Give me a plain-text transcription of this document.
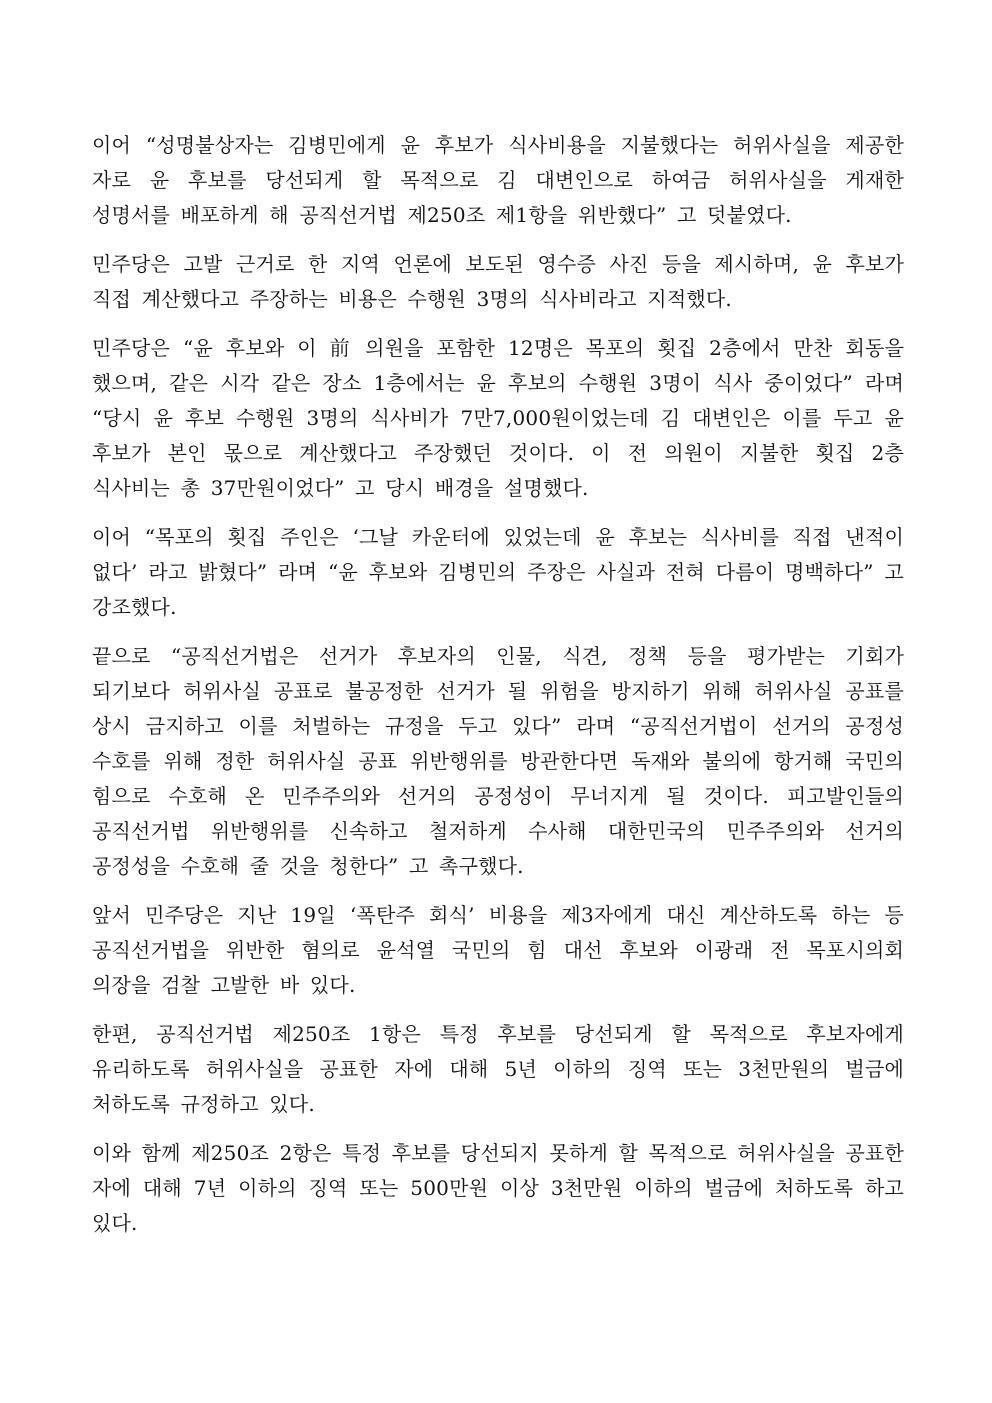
이어 “성명불상자는 김병민에게 윤 후보가 식사비용을 지불했다는 허위사실을 제공한 자로 윤 후보를 당선되게 할 목적으로 김 대변인으로 하여금 허위사실을 게재한 성명서를 배포하게 해 공직선거법 제250조 제1항을 위반했다” 고 덧붙였다.

민주당은 고발 근거로 한 지역 언론에 보도된 영수증 사진 등을 제시하며, 윤 후보가 직접 계산했다고 주장하는 비용은 수행원 3명의 식사비라고 지적했다.

민주당은 “윤 후보와 이 前 의원을 포함한 12명은 목포의 횟집 2층에서 만찬 회동을 했으며, 같은 시각 같은 장소 1층에서는 윤 후보의 수행원 3명이 식사 중이었다” 라며 “당시 윤 후보 수행원 3명의 식사비가 7만7,000원이었는데 김 대변인은 이를 두고 윤 후보가 본인 몫으로 계산했다고 주장했던 것이다. 이 전 의원이 지불한 횟집 2층 식사비는 총 37만원이었다” 고 당시 배경을 설명했다.

이어 “목포의 횟집 주인은 ‘그날 카운터에 있었는데 윤 후보는 식사비를 직접 낸적이 없다’ 라고 밝혔다” 라며 “윤 후보와 김병민의 주장은 사실과 전혀 다름이 명백하다” 고 강조했다.

끝으로 “공직선거법은 선거가 후보자의 인물, 식견, 정책 등을 평가받는 기회가 되기보다 허위사실 공표로 불공정한 선거가 될 위험을 방지하기 위해 허위사실 공표를 상시 금지하고 이를 처벌하는 규정을 두고 있다” 라며 “공직선거법이 선거의 공정성 수호를 위해 정한 허위사실 공표 위반행위를 방관한다면 독재와 불의에 항거해 국민의 힘으로 수호해 온 민주주의와 선거의 공정성이 무너지게 될 것이다. 피고발인들의 공직선거법 위반행위를 신속하고 철저하게 수사해 대한민국의 민주주의와 선거의 공정성을 수호해 줄 것을 청한다” 고 촉구했다.

앞서 민주당은 지난 19일 ‘폭탄주 회식’ 비용을 제3자에게 대신 계산하도록 하는 등 공직선거법을 위반한 혐의로 윤석열 국민의 힘 대선 후보와 이광래 전 목포시의회 의장을 검찰 고발한 바 있다.

한편, 공직선거법 제250조 1항은 특정 후보를 당선되게 할 목적으로 후보자에게 유리하도록 허위사실을 공표한 자에 대해 5년 이하의 징역 또는 3천만원의 벌금에 처하도록 규정하고 있다.

이와 함께 제250조 2항은 특정 후보를 당선되지 못하게 할 목적으로 허위사실을 공표한 자에 대해 7년 이하의 징역 또는 500만원 이상 3천만원 이하의 벌금에 처하도록 하고 있다.
